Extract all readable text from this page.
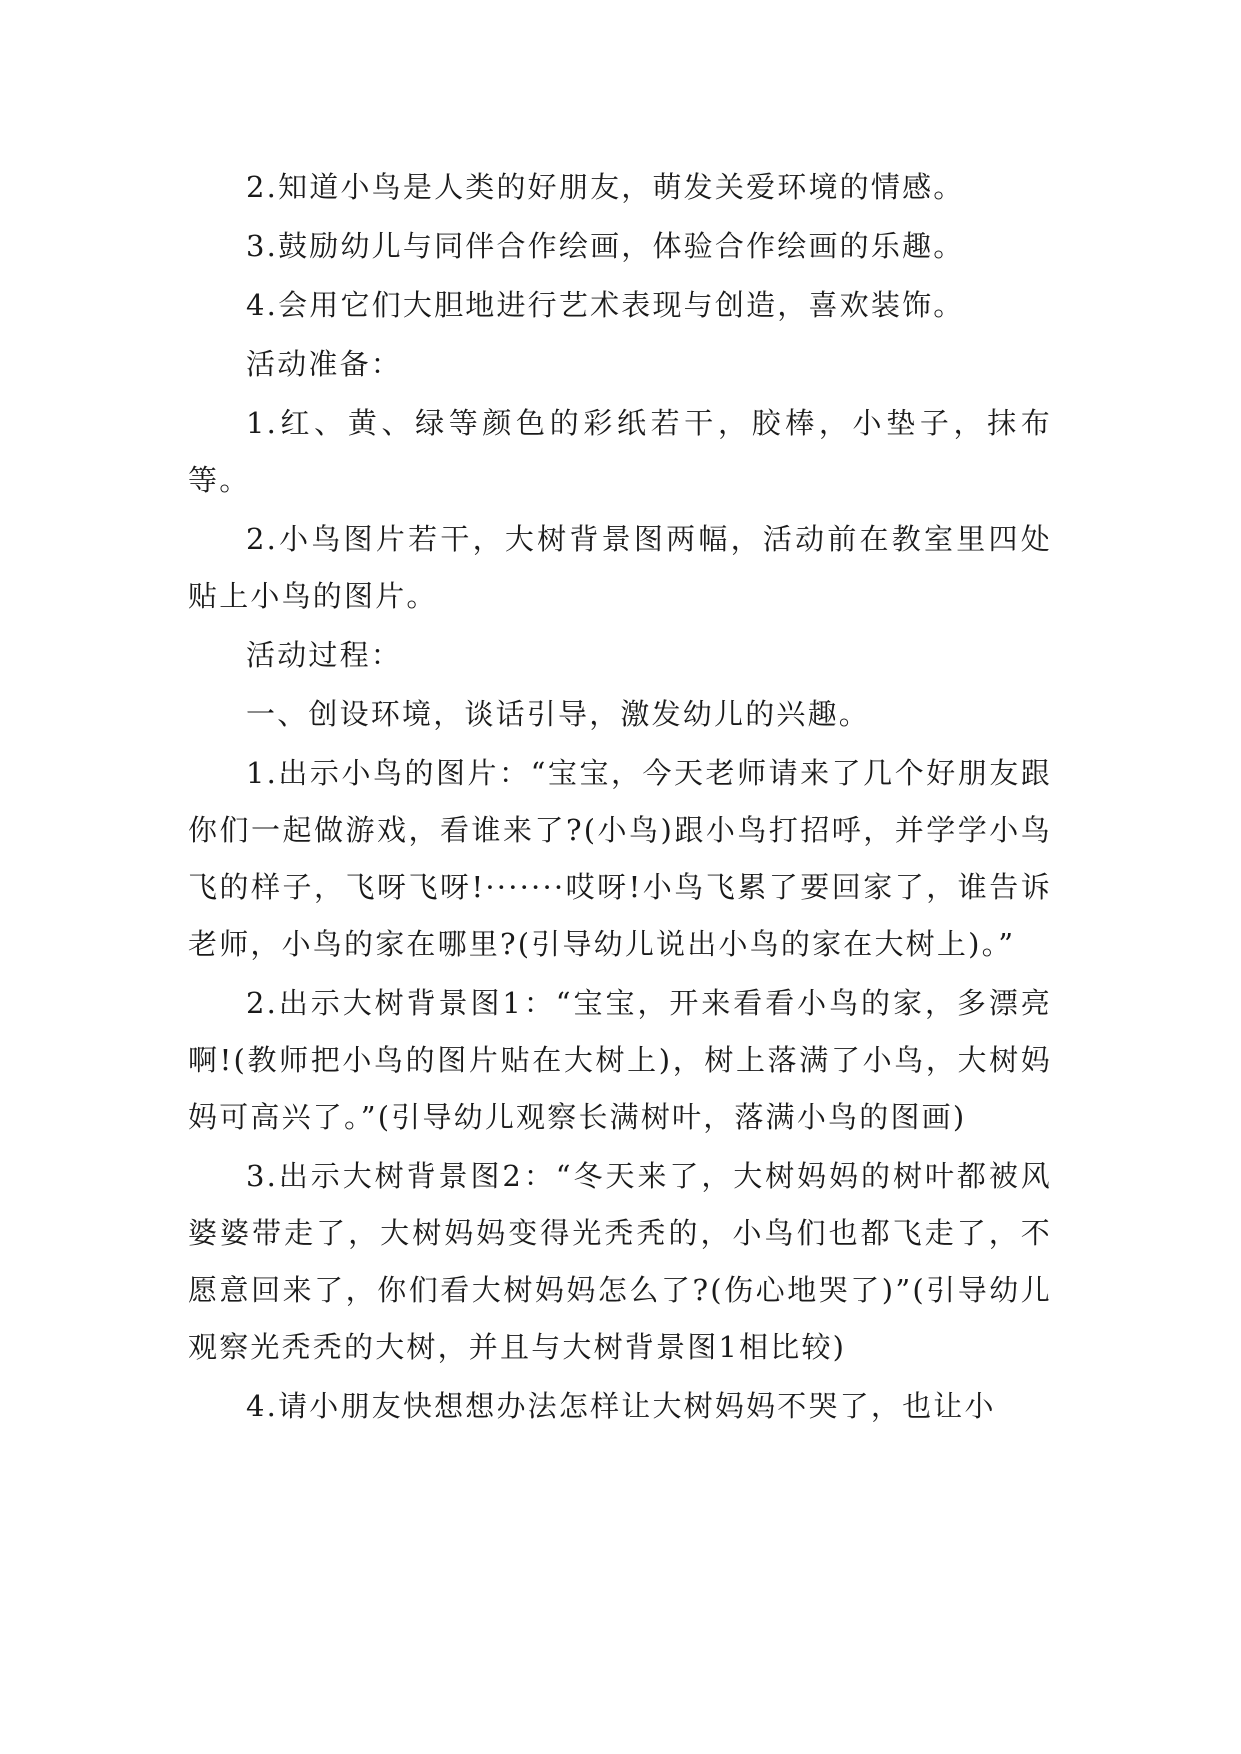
2.知道小鸟是人类的好朋友，萌发关爱环境的情感。

3.鼓励幼儿与同伴合作绘画，体验合作绘画的乐趣。

4.会用它们大胆地进行艺术表现与创造，喜欢装饰。

活动准备：

1.红、黄、绿等颜色的彩纸若干，胶棒，小垫子，抹布等。

2.小鸟图片若干，大树背景图两幅，活动前在教室里四处贴上小鸟的图片。

活动过程：

一、创设环境，谈话引导，激发幼儿的兴趣。

1.出示小鸟的图片：“宝宝，今天老师请来了几个好朋友跟你们一起做游戏，看谁来了?(小鸟)跟小鸟打招呼，并学学小鸟飞的样子，飞呀飞呀!·······哎呀!小鸟飞累了要回家了，谁告诉老师，小鸟的家在哪里?(引导幼儿说出小鸟的家在大树上)。”

2.出示大树背景图1：“宝宝，开来看看小鸟的家，多漂亮啊!(教师把小鸟的图片贴在大树上)，树上落满了小鸟，大树妈妈可高兴了。”(引导幼儿观察长满树叶，落满小鸟的图画)

3.出示大树背景图2：“冬天来了，大树妈妈的树叶都被风婆婆带走了，大树妈妈变得光秃秃的，小鸟们也都飞走了，不愿意回来了，你们看大树妈妈怎么了?(伤心地哭了)”(引导幼儿观察光秃秃的大树，并且与大树背景图1相比较)

4.请小朋友快想想办法怎样让大树妈妈不哭了，也让小
